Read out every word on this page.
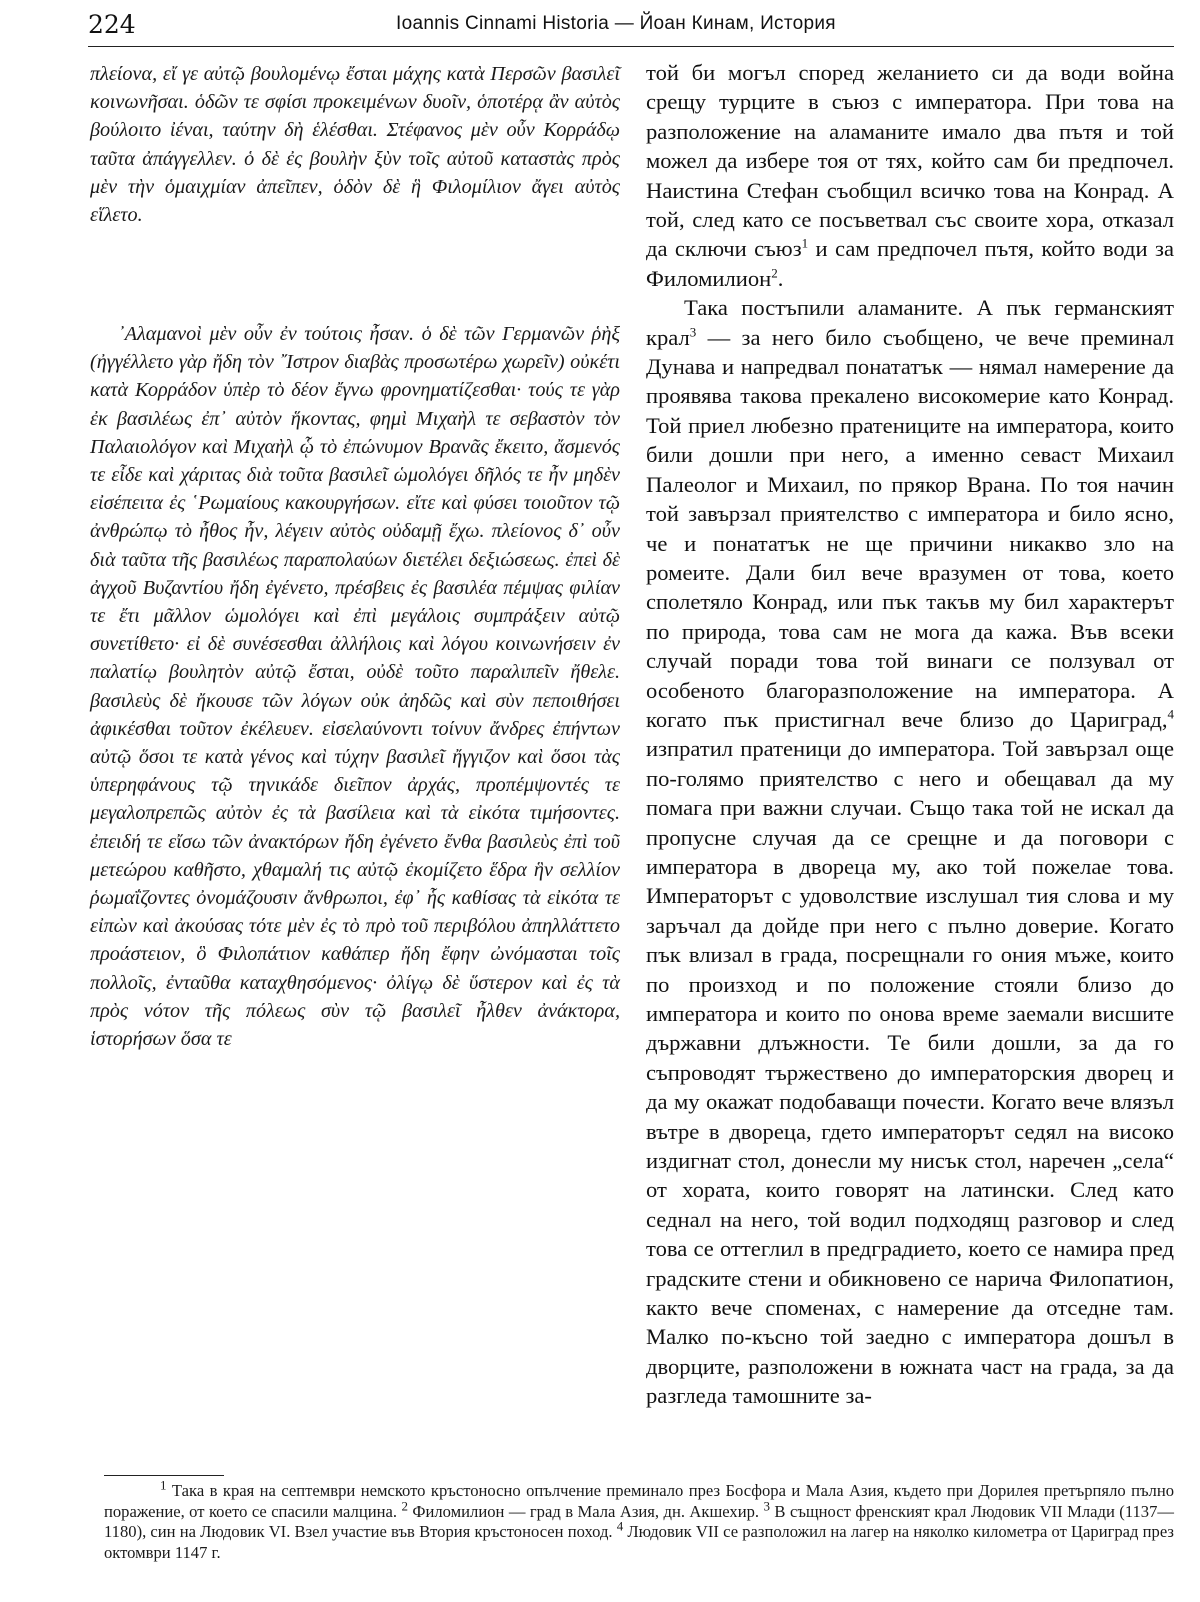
224	Ioannis Cinnami Historia — Йоан Кинам, История

πλείονα, εἴ γε αὐτῷ βουλομένῳ ἔσται μάχης κατὰ Περσῶν βασιλεῖ κοινωνῆσαι. ὁδῶν τε σφίσι προκειμένων δυοῖν, ὁποτέρᾳ ἂν αὐτὸς βούλοιτο ἰέναι, ταύτην δὴ ἑλέσθαι. Στέφανος μὲν οὖν Κορράδῳ ταῦτα ἀπάγγελλεν. ὁ δὲ ἐς βουλὴν ξὺν τοῖς αὐτοῦ καταστὰς πρὸς μὲν τὴν ὁμαιχμίαν ἀπεῖπεν, ὁδὸν δὲ ἣ Φιλομίλιον ἄγει αὐτὸς εἵλετο.

᾿Αλαμανοὶ μὲν οὖν ἐν τούτοις ἦσαν. ὁ δὲ τῶν Γερμανῶν ῥὴξ (ἠγγέλλετο γὰρ ἤδη τὸν ῎Ιστρον διαβὰς προσωτέρω χωρεῖν) οὐκέτι κατὰ Κορράδον ὑπὲρ τὸ δέον ἔγνω φρονηματίζεσθαι· τούς τε γὰρ ἐκ βασιλέως ἐπ᾿ αὐτὸν ἥκοντας, φημὶ Μιχαὴλ τε σεβαστὸν τὸν Παλαιολόγον καὶ Μιχαὴλ ᾧ τὸ ἐπώνυμον Βρανᾶς ἔκειτο, ἄσμενός τε εἶδε καὶ χάριτας διὰ τοῦτα βασιλεῖ ὡμολόγει δῆλός τε ἦν μηδὲν εἰσέπειτα ἐς ῾Ρωμαίους κακουργήσων. εἴτε καὶ φύσει τοιοῦτον τῷ ἀνθρώπῳ τὸ ἦθος ἦν, λέγειν αὐτὸς οὐδαμῇ ἔχω. πλείονος δ᾿ οὖν διὰ ταῦτα τῆς βασιλέως παραπολαύων διετέλει δεξιώσεως. ἐπεὶ δὲ ἀγχοῦ Βυζαντίου ἤδη ἐγένετο, πρέσβεις ἐς βασιλέα πέμψας φιλίαν τε ἔτι μᾶλλον ὡμολόγει καὶ ἐπὶ μεγάλοις συμπράξειν αὐτῷ συνετίθετο· εἰ δὲ συνέσεσθαι ἀλλήλοις καὶ λόγου κοινωνήσειν ἐν παλατίῳ βουλητὸν αὐτῷ ἔσται, οὐδὲ τοῦτο παραλιπεῖν ἤθελε. βασιλεὺς δὲ ἤκουσε τῶν λόγων οὐκ ἀηδῶς καὶ σὺν πεποιθήσει ἀφικέσθαι τοῦτον ἐκέλευεν. εἰσελαύνοντι τοίνυν ἄνδρες ἐπήντων αὐτῷ ὅσοι τε κατὰ γένος καὶ τύχην βασιλεῖ ἤγγιζον καὶ ὅσοι τὰς ὑπερηφάνους τῷ τηνικάδε διεῖπον ἀρχάς, προπέμψοντές τε μεγαλοπρεπῶς αὐτὸν ἐς τὰ βασίλεια καὶ τὰ εἰκότα τιμήσοντες. ἐπειδή τε εἴσω τῶν ἀνακτόρων ἤδη ἐγένετο ἔνθα βασιλεὺς ἐπὶ τοῦ μετεώρου καθῆστο, χθαμαλή τις αὐτῷ ἐκομίζετο ἕδρα ἣν σελλίον ῥωμαΐζοντες ὀνομάζουσιν ἄνθρωποι, ἐφ᾿ ἧς καθίσας τὰ εἰκότα τε εἰπὼν καὶ ἀκούσας τότε μὲν ἐς τὸ πρὸ τοῦ περιβόλου ἀπηλλάττετο προάστειον, ὃ Φιλοπάτιον καθάπερ ἤδη ἔφην ὠνόμασται τοῖς πολλοῖς, ἐνταῦθα καταχθησόμενος· ὀλίγῳ δὲ ὕστερον καὶ ἐς τὰ πρὸς νότον τῆς πόλεως σὺν τῷ βασιλεῖ ἦλθεν ἀνάκτορα, ἱστορήσων ὅσα τε

той би могъл според желанието си да води война срещу турците в съюз с императора. При това на разположение на аламаните имало два пътя и той можел да избере тоя от тях, който сам би предпочел. Наистина Стефан съобщил всичко това на Конрад. А той, след като се посъветвал със своите хора, отказал да сключи съюз$^1$ и сам предпочел пътя, който води за Филомилион$^2$.

Така постъпили аламаните. А пък германският крал$^3$ — за него било съобщено, че вече преминал Дунава и напредвал понататък — нямал намерение да проявява такова прекалено високомерие като Конрад. Той приел любезно пратениците на императора, които били дошли при него, а именно севаст Михаил Палеолог и Михаил, по прякор Врана. По тоя начин той завързал приятелство с императора и било ясно, че и понататък не ще причини никакво зло на ромеите. Дали бил вече вразумен от това, което сполетяло Конрад, или пък такъв му бил характерът по природа, това сам не мога да кажа. Във всеки случай поради това той винаги се ползувал от особеното благоразположение на императора. А когато пък пристигнал вече близо до Цариград,$^4$ изпратил пратеници до императора. Той завързал още по-голямо приятелство с него и обещавал да му помага при важни случаи. Също така той не искал да пропусне случая да се срещне и да поговори с императора в двореца му, ако той пожелае това. Императорът с удоволствие изслушал тия слова и му заръчал да дойде при него с пълно доверие. Когато пък влизал в града, посрещнали го ония мъже, които по произход и по положение стояли близо до императора и които по онова време заемали висшите държавни длъжности. Те били дошли, за да го съпроводят тържествено до императорския дворец и да му окажат подобаващи почести. Когато вече влязъл вътре в двореца, гдето императорът седял на високо издигнат стол, донесли му нисък стол, наречен „села“ от хората, които говорят на латински. След като седнал на него, той водил подходящ разговор и след това се оттеглил в предградието, което се намира пред градските стени и обикновено се нарича Филопатион, както вече споменах, с намерение да отседне там. Малко по-късно той заедно с императора дошъл в дворците, разположени в южната част на града, за да разгледа тамошните за-

$^1$ Така в края на септември немското кръстоносно опълчение преминало през Босфора и Мала Азия, където при Дорилея претърпяло пълно поражение, от което се спасили малцина. $^2$ Филомилион — град в Мала Азия, дн. Акшехир. $^3$ В същност френският крал Людовик VII Млади (1137—1180), син на Людовик VI. Взел участие във Втория кръстоносен поход. $^4$ Людовик VII се разположил на лагер на няколко километра от Цариград през октомври 1147 г.
